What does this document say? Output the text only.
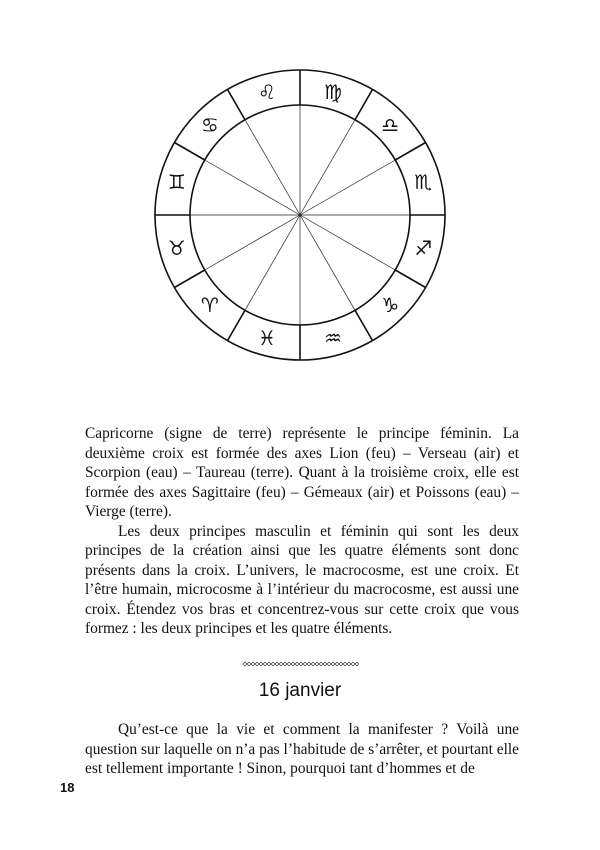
♑
♐
♏
♎
♍
♌
♋
♊
♉
♈
♓ ♒

Capricorne (signe de terre) représente le principe féminin. La deuxième croix est formée des axes Lion (feu) – Verseau (air) et Scorpion (eau) – Taureau (terre). Quant à la troisième croix, elle est formée des axes Sagittaire (feu) – Gémeaux (air) et Poissons (eau) – Vierge (terre).

Les deux principes masculin et féminin qui sont les deux principes de la création ainsi que les quatre éléments sont donc présents dans la croix. L’univers, le macrocosme, est une croix. Et l’être humain, microcosme à l’intérieur du macrocosme, est aussi une croix. Étendez vos bras et concentrez-vous sur cette croix que vous formez : les deux principes et les quatre éléments.

16 janvier

Qu’est-ce que la vie et comment la manifester ? Voilà une question sur laquelle on n’a pas l’habitude de s’arrêter, et pourtant elle est tellement importante ! Sinon, pourquoi tant d’hommes et de

18
